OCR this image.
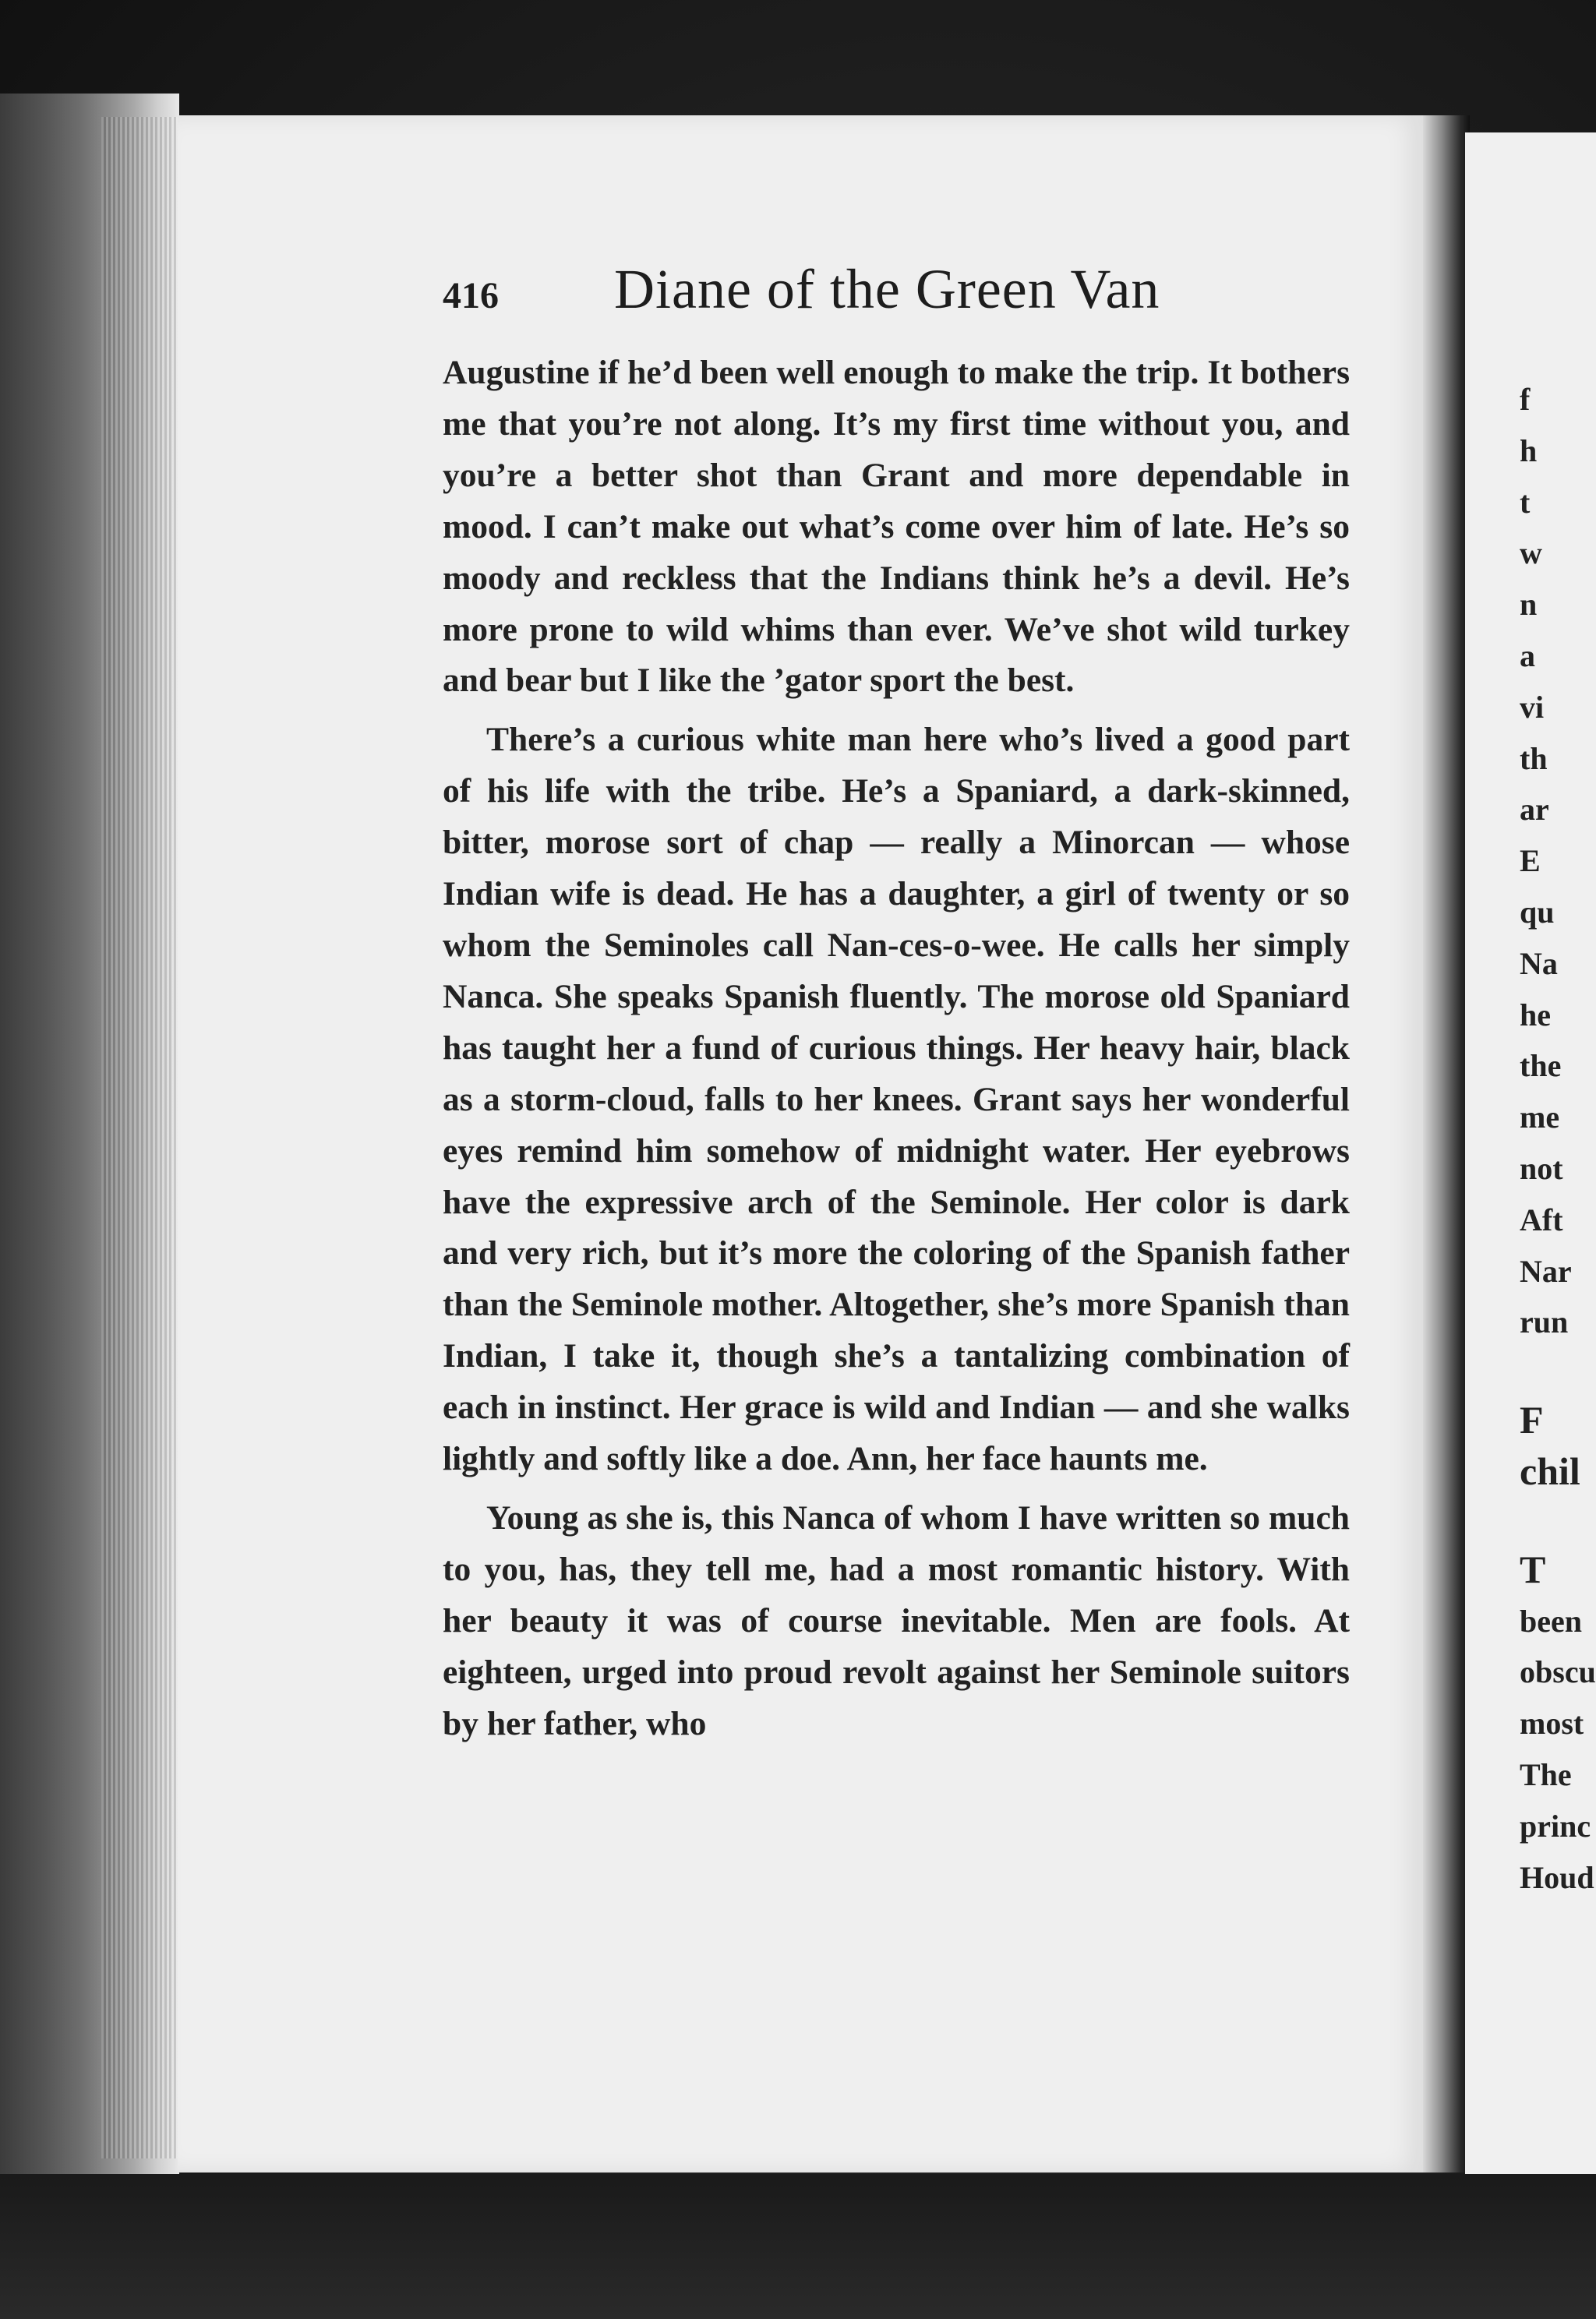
416	Diane of the Green Van

Augustine if he’d been well enough to make the trip. It bothers me that you’re not along. It’s my first time without you, and you’re a better shot than Grant and more dependable in mood. I can’t make out what’s come over him of late. He’s so moody and reckless that the Indians think he’s a devil. He’s more prone to wild whims than ever. We’ve shot wild turkey and bear but I like the ’gator sport the best.

There’s a curious white man here who’s lived a good part of his life with the tribe. He’s a Spaniard, a dark-skinned, bitter, morose sort of chap — really a Minorcan — whose Indian wife is dead. He has a daughter, a girl of twenty or so whom the Seminoles call Nan-ces-o-wee. He calls her simply Nanca. She speaks Spanish fluently. The morose old Spaniard has taught her a fund of curious things. Her heavy hair, black as a storm-cloud, falls to her knees. Grant says her wonderful eyes remind him somehow of midnight water. Her eyebrows have the expressive arch of the Seminole. Her color is dark and very rich, but it’s more the coloring of the Spanish father than the Seminole mother. Altogether, she’s more Spanish than Indian, I take it, though she’s a tantalizing combination of each in instinct. Her grace is wild and Indian — and she walks lightly and softly like a doe. Ann, her face haunts me.

Young as she is, this Nanca of whom I have written so much to you, has, they tell me, had a most romantic history. With her beauty it was of course inevitable. Men are fools. At eighteen, urged into proud revolt against her Seminole suitors by her father, who

f
h
t
w
n
a
vi
th
ar
E
qu
Na
he
the
me
not
Aft
Nar
run
F
chil
T
been
obscu
most
The
princ
Houd
